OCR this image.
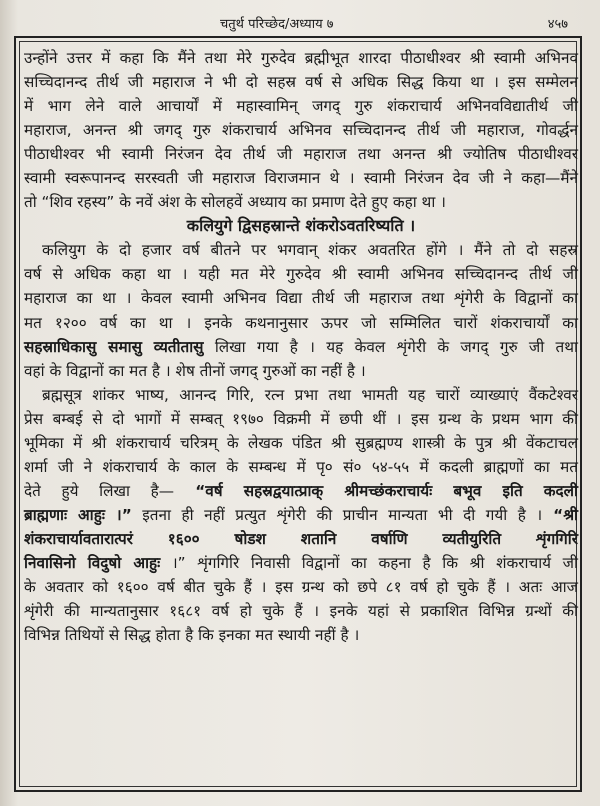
चतुर्थ परिच्छेद/अध्याय ७	४५७
उन्होंने उत्तर में कहा कि मैंने तथा मेरे गुरुदेव ब्रह्मीभूत शारदा पीठाधीश्वर श्री स्वामी अभिनव
सच्चिदानन्द तीर्थ जी महाराज ने भी दो सहस्र वर्ष से अधिक सिद्ध किया था । इस सम्मेलन
में भाग लेने वाले आचार्यों में महास्वामिन् जगद् गुरु शंकराचार्य अभिनवविद्यातीर्थ जी
महाराज, अनन्त श्री जगद् गुरु शंकराचार्य अभिनव सच्चिदानन्द तीर्थ जी महाराज, गोवर्द्धन
पीठाधीश्वर भी स्वामी निरंजन देव तीर्थ जी महाराज तथा अनन्त श्री ज्योतिष पीठाधीश्वर
स्वामी स्वरूपानन्द सरस्वती जी महाराज विराजमान थे । स्वामी निरंजन देव जी ने कहा—मैंने
तो “शिव रहस्य” के नवें अंश के सोलहवें अध्याय का प्रमाण देते हुए कहा था ।
कलियुगे द्विसहस्रान्ते शंकरोऽवतरिष्यति ।
कलियुग के दो हजार वर्ष बीतने पर भगवान् शंकर अवतरित होंगे । मैंने तो दो सहस्र
वर्ष से अधिक कहा था । यही मत मेरे गुरुदेव श्री स्वामी अभिनव सच्चिदानन्द तीर्थ जी
महाराज का था । केवल स्वामी अभिनव विद्या तीर्थ जी महाराज तथा शृंगेरी के विद्वानों का
मत १२०० वर्ष का था । इनके कथनानुसार ऊपर जो सम्मिलित चारों शंकराचार्यों का
सहस्राधिकासु समासु व्यतीतासु लिखा गया है । यह केवल शृंगेरी के जगद् गुरु जी तथा
वहां के विद्वानों का मत है । शेष तीनों जगद् गुरुओं का नहीं है ।
ब्रह्मसूत्र शांकर भाष्य, आनन्द गिरि, रत्न प्रभा तथा भामती यह चारों व्याख्याएं वैंकटेश्वर
प्रेस बम्बई से दो भागों में सम्बत् १९७० विक्रमी में छपी थीं । इस ग्रन्थ के प्रथम भाग की
भूमिका में श्री शंकराचार्य चरित्रम् के लेखक पंडित श्री सुब्रह्मण्य शास्त्री के पुत्र श्री वेंकटाचल
शर्मा जी ने शंकराचार्य के काल के सम्बन्ध में पृ० सं० ५४-५५ में कदली ब्राह्मणों का मत
देते हुये लिखा है— “वर्ष सहस्रद्वयात्प्राक् श्रीमच्छंकराचार्यः बभूव इति कदली
ब्राह्मणाः आहुः ।” इतना ही नहीं प्रत्युत शृंगेरी की प्राचीन मान्यता भी दी गयी है । “श्री
शंकराचार्यावतारात्परं १६०० षोडश शतानि वर्षाणि व्यतीयुरिति शृंगगिरि
निवासिनो विदुषो आहुः ।” शृंगगिरि निवासी विद्वानों का कहना है कि श्री शंकराचार्य जी
के अवतार को १६०० वर्ष बीत चुके हैं । इस ग्रन्थ को छपे ८१ वर्ष हो चुके हैं । अतः आज
शृंगेरी की मान्यतानुसार १६८१ वर्ष हो चुके हैं । इनके यहां से प्रकाशित विभिन्न ग्रन्थों की
विभिन्न तिथियों से सिद्ध होता है कि इनका मत स्थायी नहीं है ।
